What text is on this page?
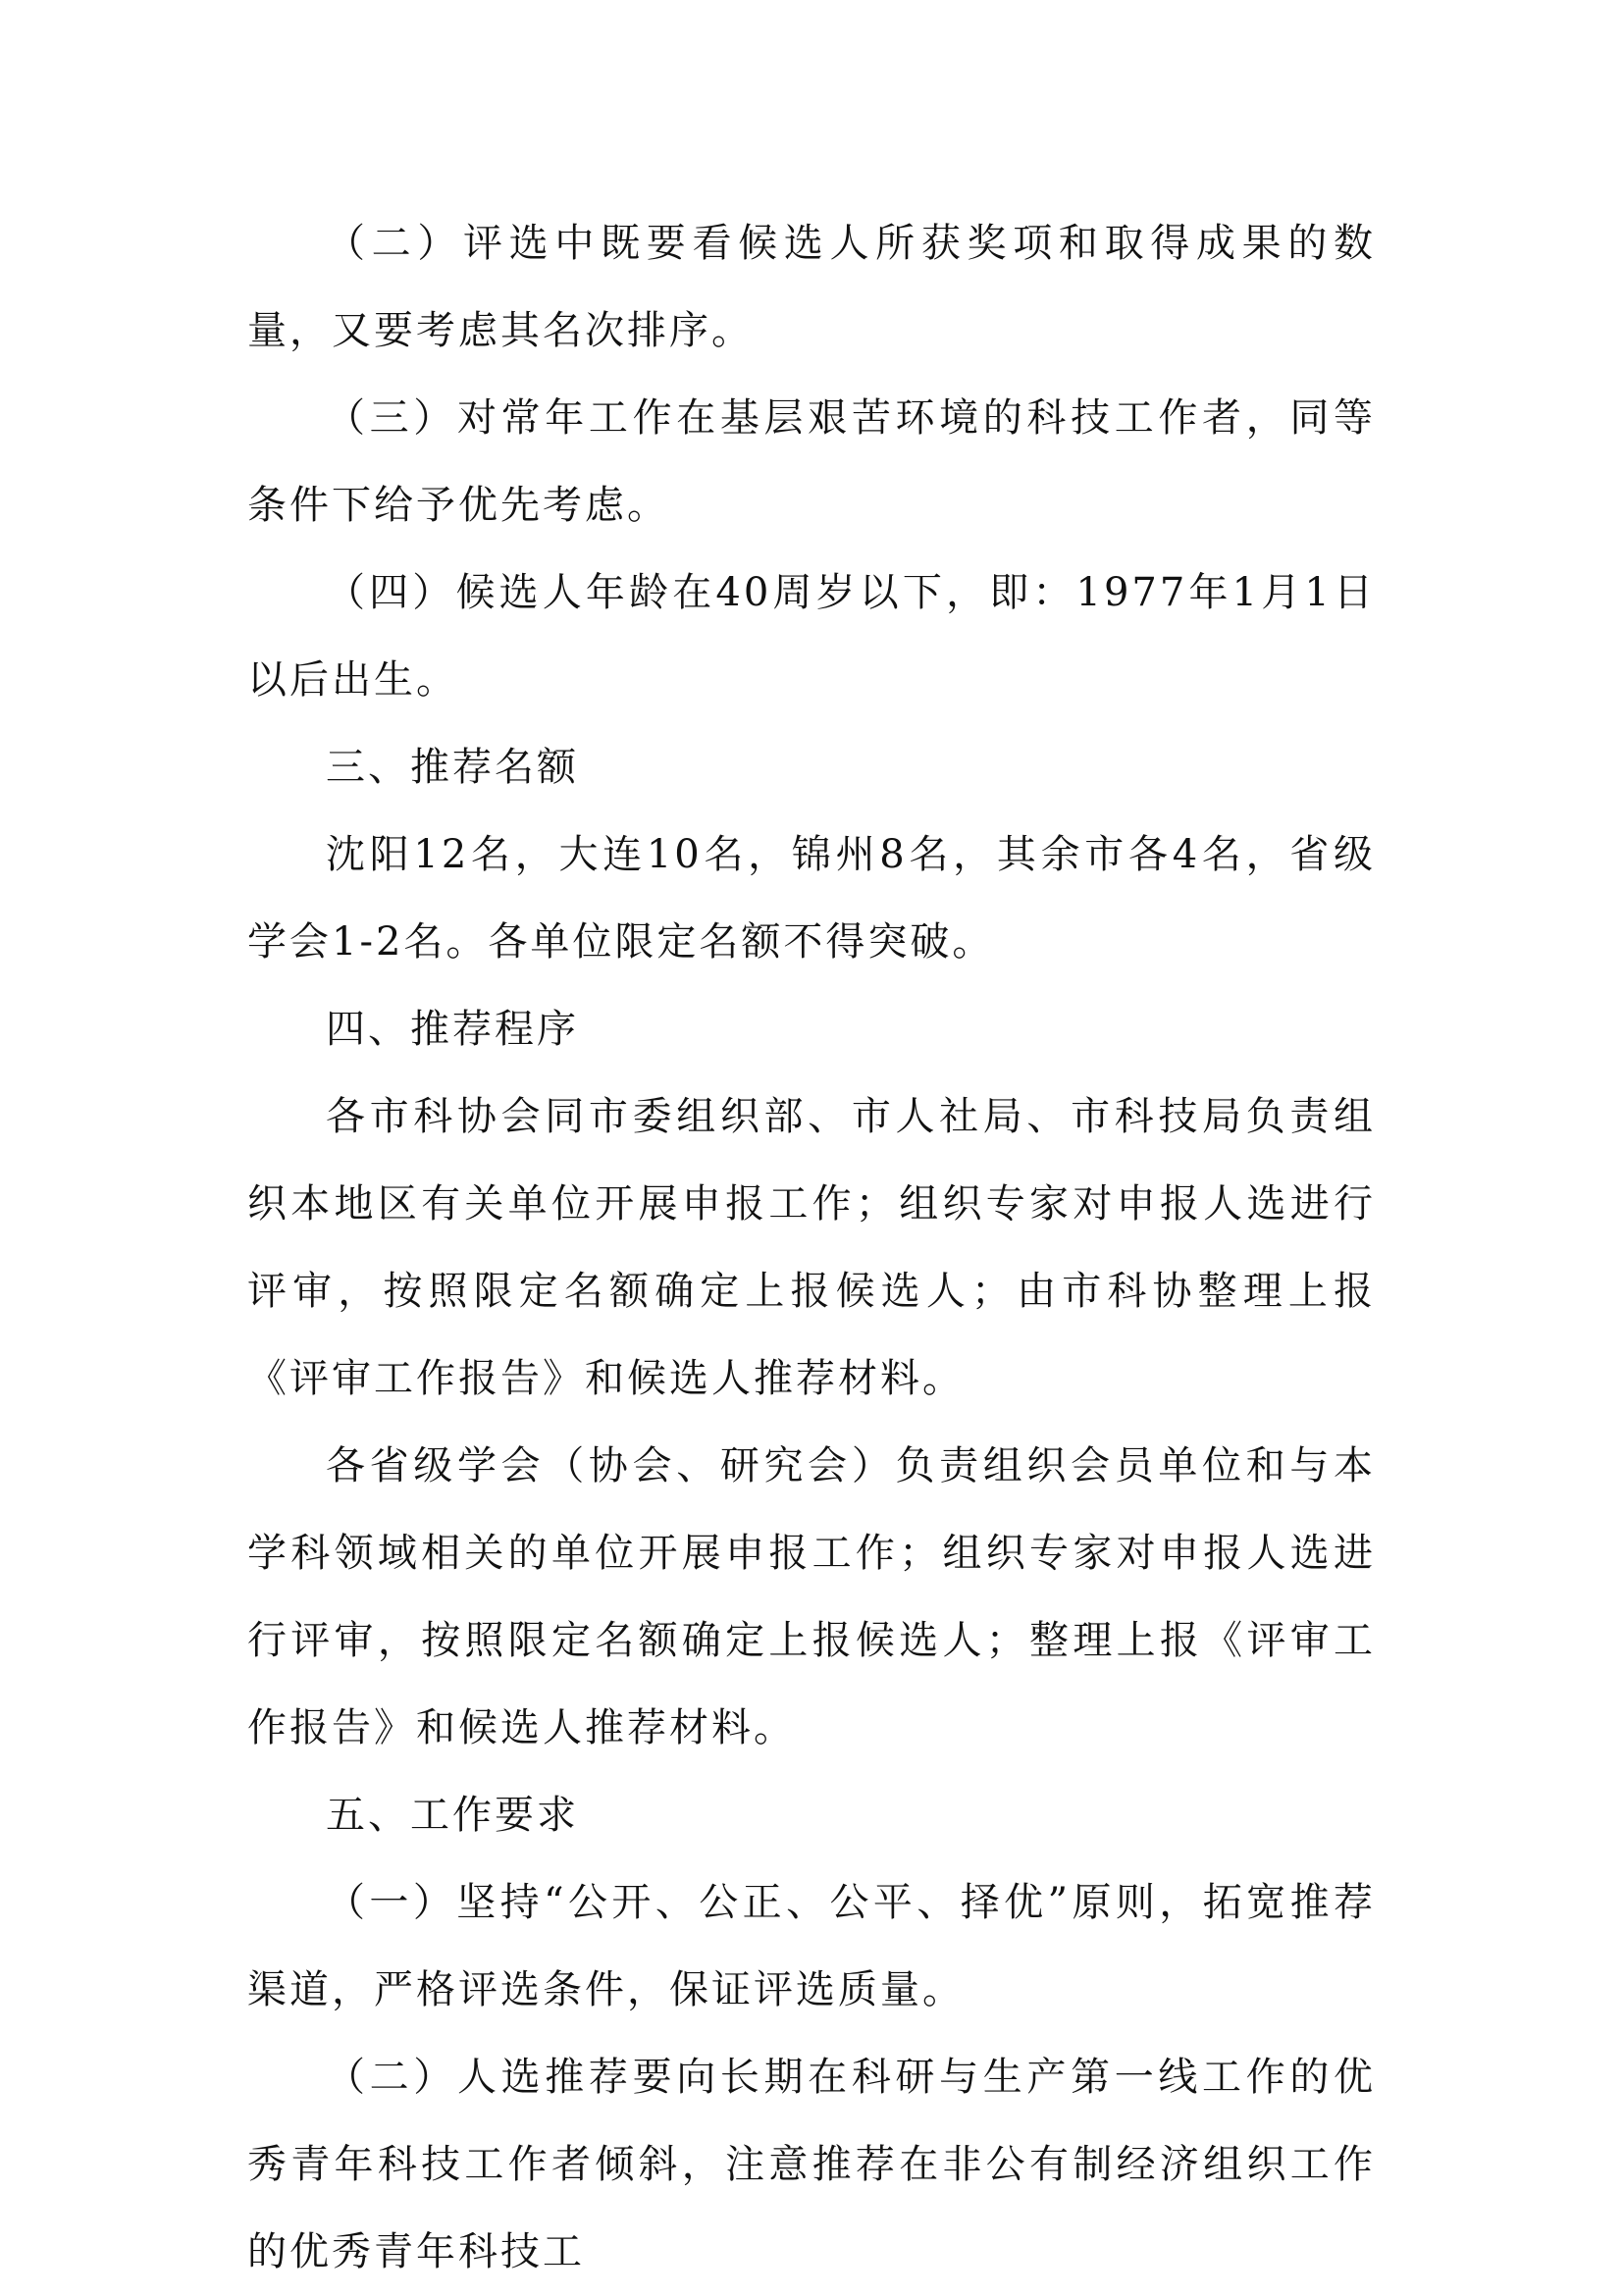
（二）评选中既要看候选人所获奖项和取得成果的数量，又要考虑其名次排序。

（三）对常年工作在基层艰苦环境的科技工作者，同等条件下给予优先考虑。

（四）候选人年龄在40周岁以下，即：1977年1月1日以后出生。

三、推荐名额

沈阳12名，大连10名，锦州8名，其余市各4名，省级学会1-2名。各单位限定名额不得突破。

四、推荐程序

各市科协会同市委组织部、市人社局、市科技局负责组织本地区有关单位开展申报工作；组织专家对申报人选进行评审，按照限定名额确定上报候选人；由市科协整理上报《评审工作报告》和候选人推荐材料。

各省级学会（协会、研究会）负责组织会员单位和与本学科领域相关的单位开展申报工作；组织专家对申报人选进行评审，按照限定名额确定上报候选人；整理上报《评审工作报告》和候选人推荐材料。

五、工作要求

（一）坚持“公开、公正、公平、择优”原则，拓宽推荐渠道，严格评选条件，保证评选质量。

（二）人选推荐要向长期在科研与生产第一线工作的优秀青年科技工作者倾斜，注意推荐在非公有制经济组织工作的优秀青年科技工
